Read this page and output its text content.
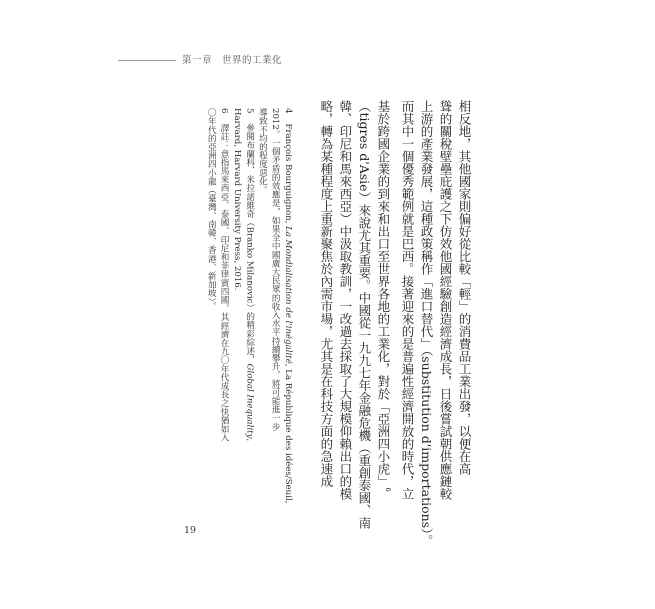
第一章　世界的工業化
相反地，其他國家則偏好從比較「輕」的消費品工業出發，以便在高
聳的關稅壁壘庇護之下仿效他國經驗創造經濟成長，日後嘗試朝供應鏈較
上游的產業發展，這種政策稱作「進口替代」（substitution d'importations）。
而其中一個優秀範例就是巴西。接著迎來的是普遍性經濟開放的時代，立
基於跨國企業的到來和出口至世界各地的工業化，對於「亞洲四小虎」$^6$
（tigres d'Asie）來說尤其重要。中國從一九九七年金融危機（重創泰國、南
韓、印尼和馬來西亞）中汲取教訓，一改過去採取了大規模仰賴出口的模
略，轉為某種程度上重新聚焦於內需市場，尤其是在科技方面的急速成
4François Bourguignon, La Mondialisation de l'inégalité, La République des idées/Seuil,
2012。一個矛盾的效應是，如果全中國廣大民眾的收入水平持續攀升，將可能進一步
導致不均的程度惡化。
5參閱布蘭科．米拉諾維奇（Branko Milanovic）的精彩綜述，Global Inequality,
Harvard, Harvard University Press, 2016.
6譯註：意指馬來西亞、泰國、印尼和菲律賓四國，其經濟在九〇年代成長之快猶如入
〇年代的亞洲四小龍（臺灣、南韓、香港、新加坡）。
19
